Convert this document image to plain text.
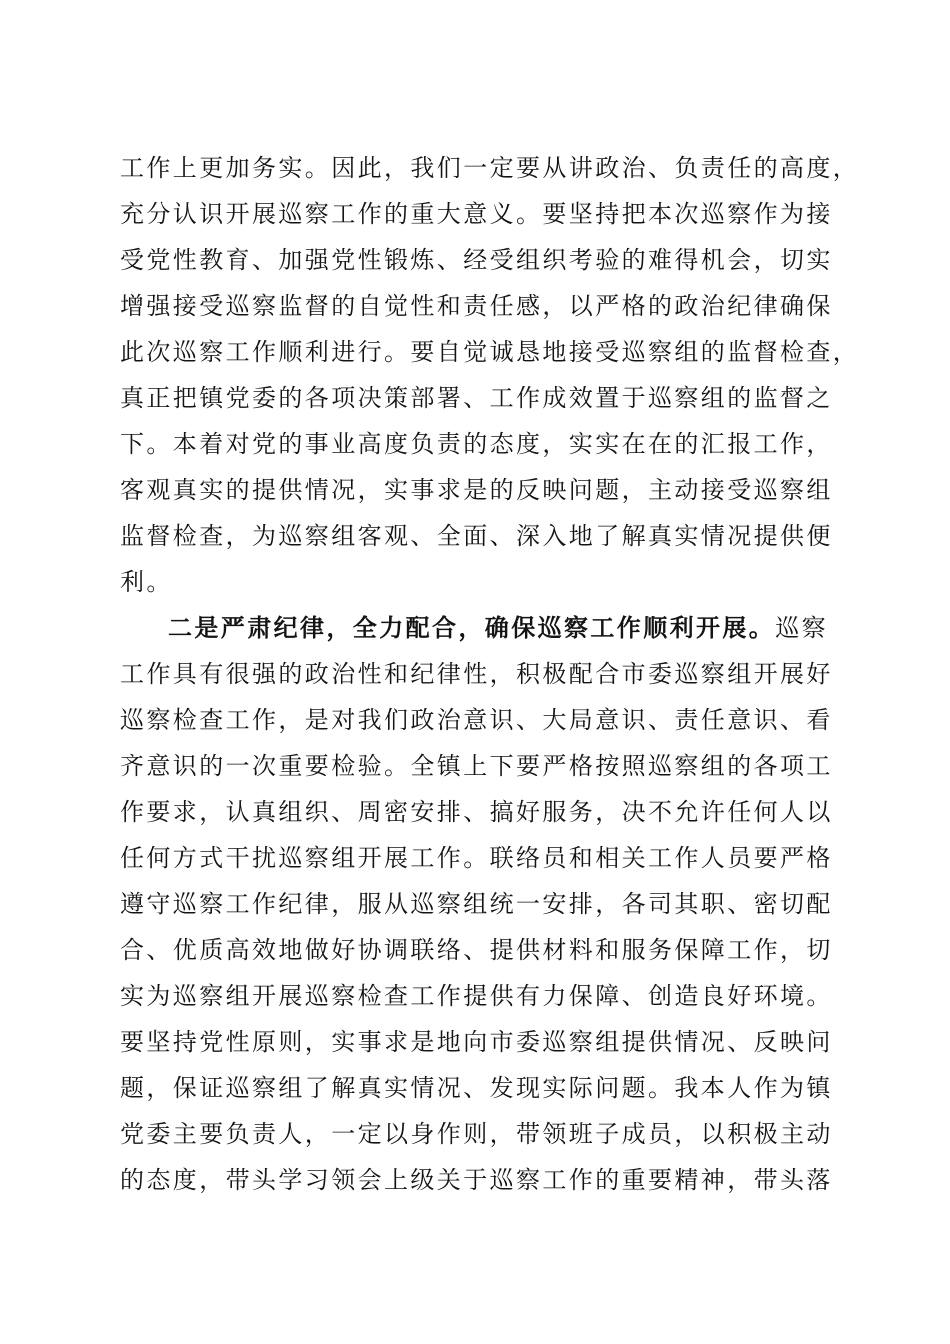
工作上更加务实。因此，我们一定要从讲政治、负责任的高度，
充分认识开展巡察工作的重大意义。要坚持把本次巡察作为接
受党性教育、加强党性锻炼、经受组织考验的难得机会，切实
增强接受巡察监督的自觉性和责任感，以严格的政治纪律确保
此次巡察工作顺利进行。要自觉诚恳地接受巡察组的监督检查，
真正把镇党委的各项决策部署、工作成效置于巡察组的监督之
下。本着对党的事业高度负责的态度，实实在在的汇报工作，
客观真实的提供情况，实事求是的反映问题，主动接受巡察组
监督检查，为巡察组客观、全面、深入地了解真实情况提供便
利。
二是严肃纪律，全力配合，确保巡察工作顺利开展。巡察
工作具有很强的政治性和纪律性，积极配合市委巡察组开展好
巡察检查工作，是对我们政治意识、大局意识、责任意识、看
齐意识的一次重要检验。全镇上下要严格按照巡察组的各项工
作要求，认真组织、周密安排、搞好服务，决不允许任何人以
任何方式干扰巡察组开展工作。联络员和相关工作人员要严格
遵守巡察工作纪律，服从巡察组统一安排，各司其职、密切配
合、优质高效地做好协调联络、提供材料和服务保障工作，切
实为巡察组开展巡察检查工作提供有力保障、创造良好环境。
要坚持党性原则，实事求是地向市委巡察组提供情况、反映问
题，保证巡察组了解真实情况、发现实际问题。我本人作为镇
党委主要负责人，一定以身作则，带领班子成员，以积极主动
的态度，带头学习领会上级关于巡察工作的重要精神，带头落
